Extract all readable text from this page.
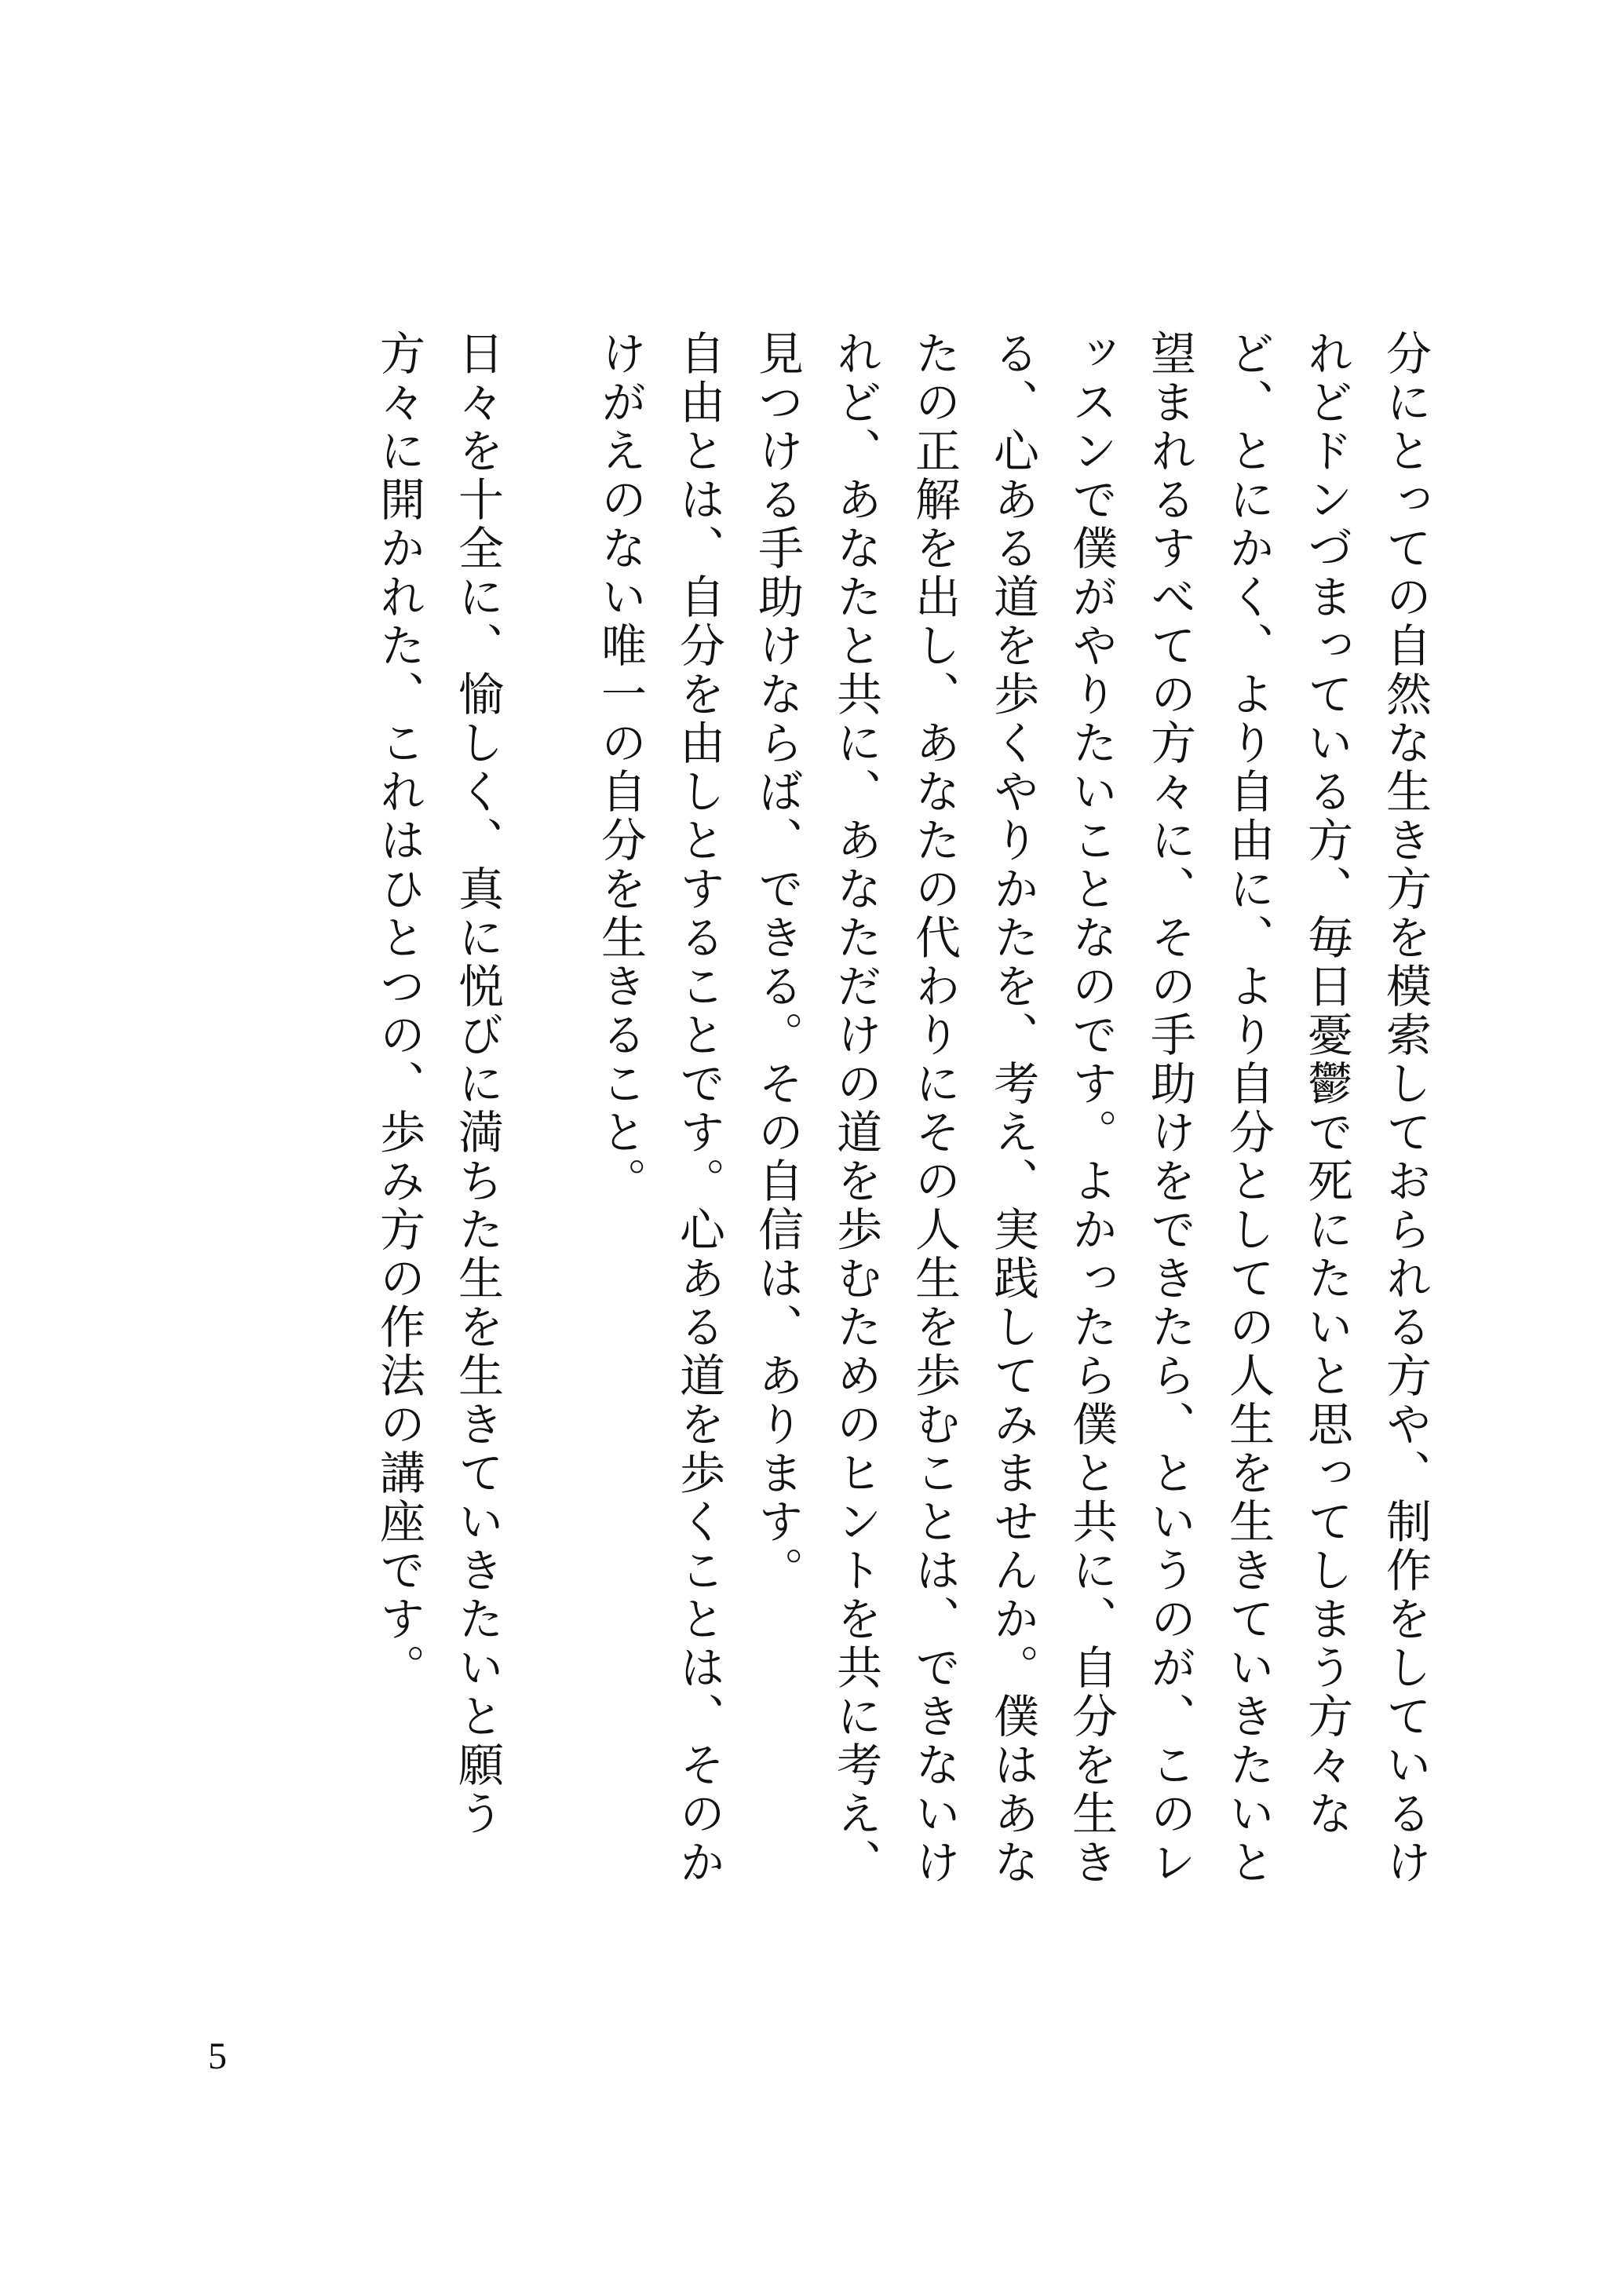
分にとっての自然な生き方を模索しておられる方や、制作をしているけれどドンづまっている方、毎日憂鬱で死にたいと思ってしまう方々など、とにかく、より自由に、より自分としての人生を生きていきたいと望まれるすべての方々に、その手助けをできたら、というのが、このレッスンで僕がやりたいことなのです。よかったら僕と共に、自分を生きる、心ある道を歩くやりかたを、考え、実践してみませんか。僕はあなたの正解を出し、あなたの代わりにその人生を歩むことは、できないけれど、あなたと共に、あなただけの道を歩むためのヒントを共に考え、見つける手助けならば、できる。その自信は、あります。

自由とは、自分を由しとすることです。心ある道を歩くことは、そのかけがえのない唯一の自分を生きること。

日々を十全に、愉しく、真に悦びに満ちた生を生きていきたいと願う方々に開かれた、これはひとつの、歩み方の作法の講座です。

5
